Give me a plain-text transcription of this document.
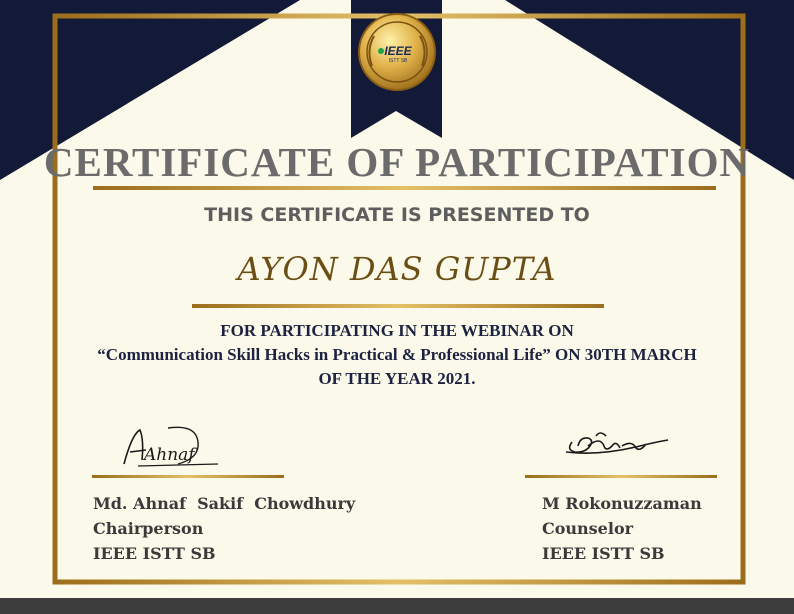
IEEE
ISTT SB
CERTIFICATE OF PARTICIPATION
THIS CERTIFICATE IS PRESENTED TO
AYON DAS GUPTA
FOR PARTICIPATING IN THE WEBINAR ON
“Communication Skill Hacks in Practical & Professional Life” ON 30TH MARCH
OF THE YEAR 2021.
Ahnaf
Md. Ahnaf  Sakif  Chowdhury
Chairperson
IEEE ISTT SB
M Rokonuzzaman
Counselor
IEEE ISTT SB
